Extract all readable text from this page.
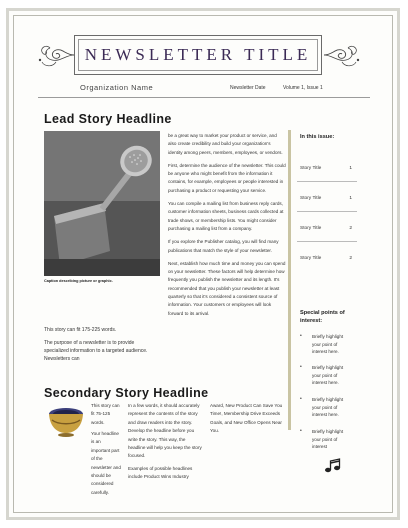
NEWSLETTER TITLE
Organization Name	Newsletter Date	Volume 1, Issue 1
Lead Story Headline
Caption describing picture or graphic.
This story can fit 175-225 words.
The purpose of a newsletter is to provide specialized information to a targeted audience. Newsletters can

be a great way to market your product or service, and also create credibility and build your organization's identity among peers, members, employees, or vendors.

First, determine the audience of the newsletter. This could be anyone who might benefit from the information it contains, for example, employees or people interested in purchasing a product or requesting your service.

You can compile a mailing list from business reply cards, customer information sheets, business cards collected at trade shows, or membership lists. You might consider purchasing a mailing list from a company.

If you explore the Publisher catalog, you will find many publications that match the style of your newsletter.

Next, establish how much time and money you can spend on your newsletter. These factors will help determine how frequently you publish the newsletter and its length. It's recommended that you publish your newsletter at least quarterly so that it's considered a consistent source of information. Your customers or employees will look forward to its arrival.

In this issue:
Story Title	1
Story Title	1
Story Title	2
Story Title	2
Special points of interest:
•	Briefly highlight your point of interest here.
•	Briefly highlight your point of interest here.
•	Briefly highlight your point of interest here.
•	Briefly highlight your point of interest
Secondary Story Headline
This story can fit 75-125 words.
Your headline is an important part of the newsletter and should be considered carefully.

In a few words, it should accurately represent the contents of the story and draw readers into the story. Develop the headline before you write the story. This way, the headline will help you keep the story focused.

Examples of possible headlines include Product Wins Industry

Award, New Product Can Save You Time!, Membership Drive Exceeds Goals, and New Office Opens Near You.
